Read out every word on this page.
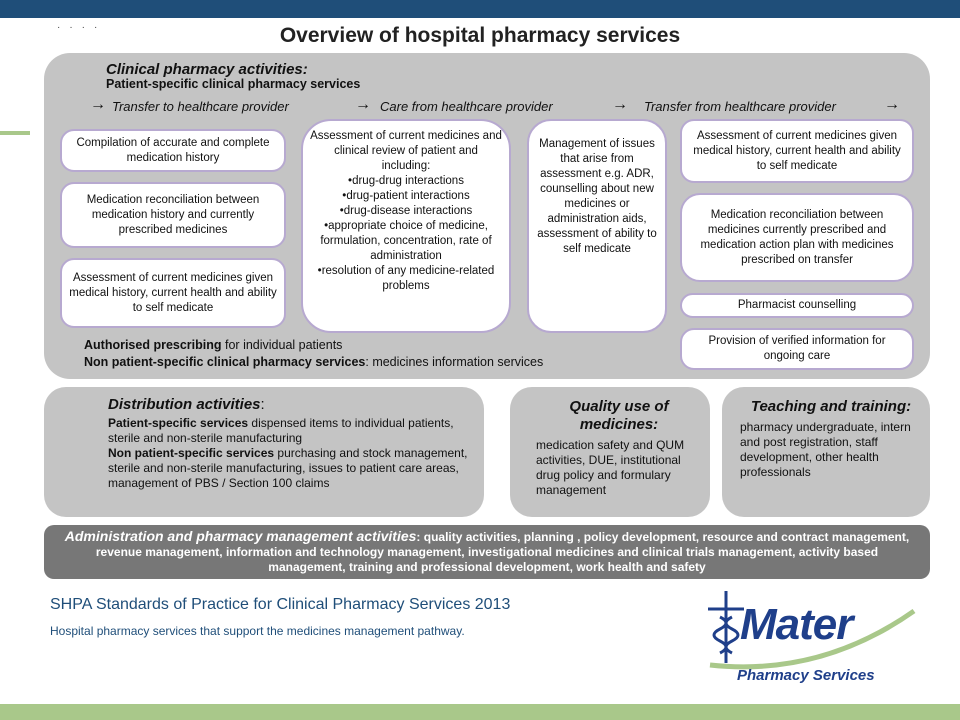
····	Overview of hospital pharmacy services
Clinical pharmacy activities:
Patient-specific clinical pharmacy services
→ Transfer to healthcare provider	→ Care from healthcare provider	→ Transfer from healthcare provider	→
Compilation of accurate and complete medication history
Medication reconciliation between medication history and currently prescribed medicines
Assessment of current medicines given medical history, current health and ability to self medicate
Assessment of current medicines and clinical review of patient and including:
• drug-drug interactions
• drug-patient interactions
• drug-disease interactions
• appropriate choice of medicine, formulation, concentration, rate of administration
• resolution of any medicine-related problems
Management of issues that arise from assessment e.g. ADR, counselling about new medicines or administration aids, assessment of ability to self medicate
Assessment of current medicines given medical history, current health and ability to self medicate
Medication reconciliation between medicines currently prescribed and medication action plan with medicines prescribed on transfer
Pharmacist counselling
Provision of verified information for ongoing care
Authorised prescribing for individual patients
Non patient-specific clinical pharmacy services: medicines information services
Distribution activities:
Patient-specific services dispensed items to individual patients, sterile and non-sterile manufacturing
Non patient-specific services purchasing and stock management, sterile and non-sterile manufacturing, issues to patient care areas, management of PBS / Section 100 claims
Quality use of medicines:
medication safety and QUM activities, DUE, institutional drug policy and formulary management
Teaching and training:
pharmacy undergraduate, intern and post registration, staff development, other health professionals
Administration and pharmacy management activities: quality activities, planning , policy development, resource and contract management, revenue management, information and technology management, investigational medicines and clinical trials management, activity based management, training and professional development, work health and safety
SHPA Standards of Practice for Clinical Pharmacy Services 2013
Hospital pharmacy services that support the medicines management pathway.	Mater
Pharmacy Services
